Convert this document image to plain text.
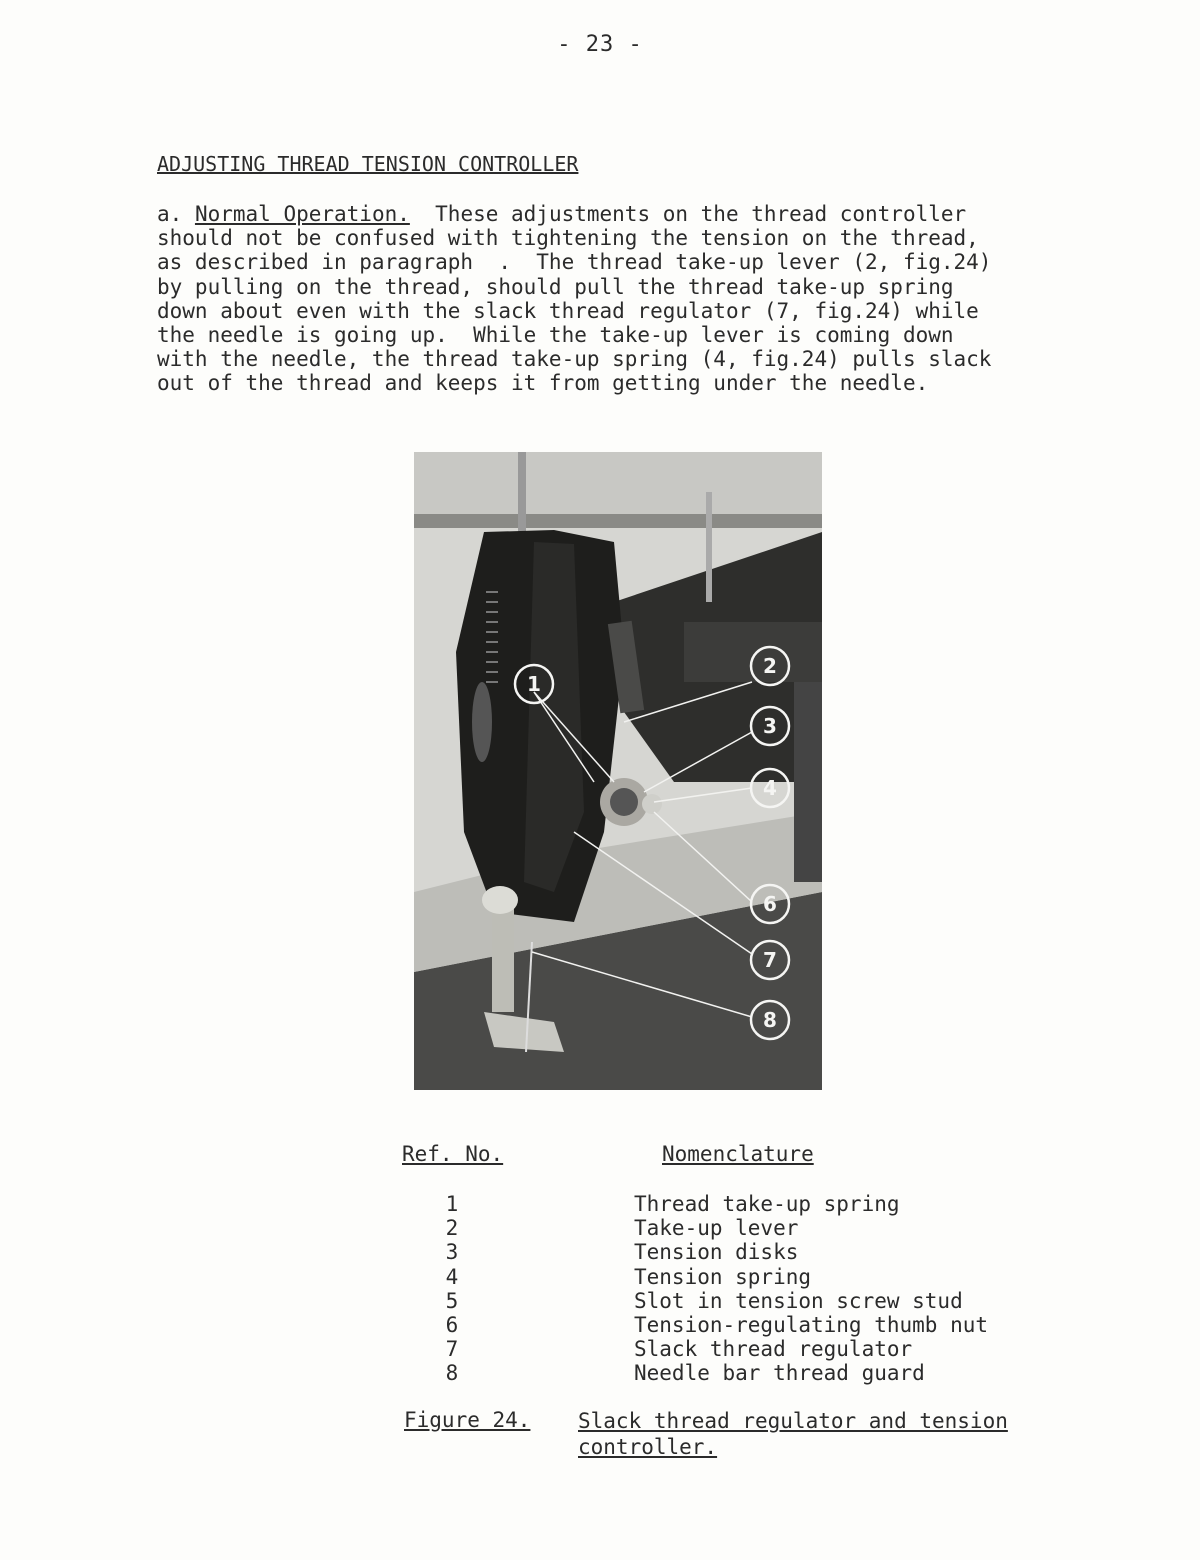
- 23 -
ADJUSTING THREAD TENSION CONTROLLER
a. Normal Operation.  These adjustments on the thread controller
should not be confused with tightening the tension on the thread,
as described in paragraph  .  The thread take-up lever (2, fig.24)
by pulling on the thread, should pull the thread take-up spring
down about even with the slack thread regulator (7, fig.24) while
the needle is going up.  While the take-up lever is coming down
with the needle, the thread take-up spring (4, fig.24) pulls slack
out of the thread and keeps it from getting under the needle.
1
2
3
4
6
7
8
Ref. No.	Nomenclature
1	Thread take-up spring
2	Take-up lever
3	Tension disks
4	Tension spring
5	Slot in tension screw stud
6	Tension-regulating thumb nut
7	Slack thread regulator
8	Needle bar thread guard
Figure 24. Slack thread regulator and tension
controller.
